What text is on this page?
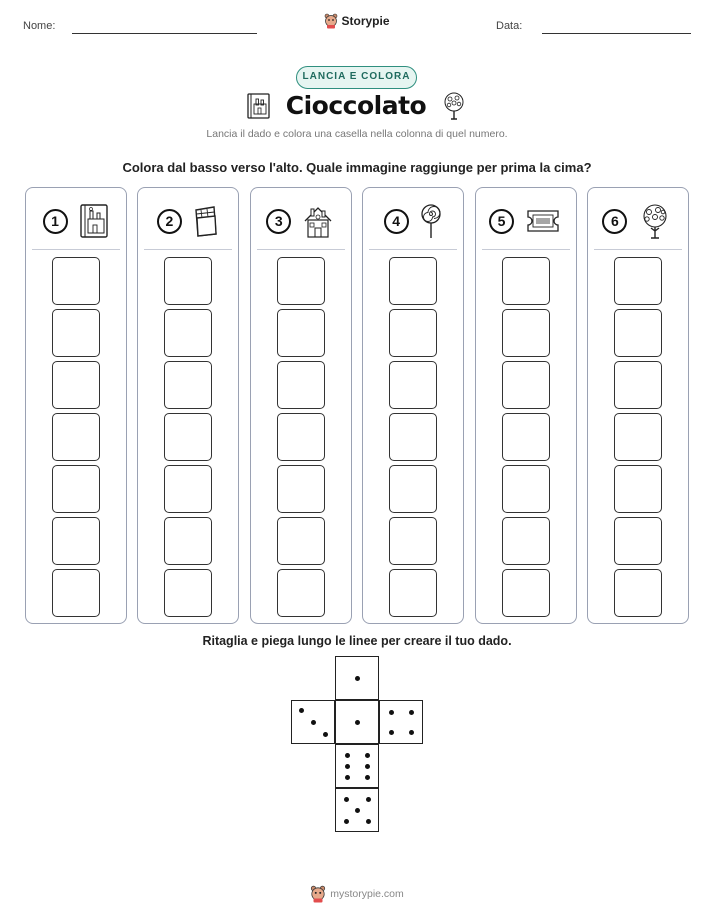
Nome:	Storypie	Data:
LANCIA E COLORA
Cioccolato
Lancia il dado e colora una casella nella colonna di quel numero.
Colora dal basso verso l'alto. Quale immagine raggiunge per prima la cima?
1	2	3	4	5	6
Ritaglia e piega lungo le linee per creare il tuo dado.
mystorypie.com
